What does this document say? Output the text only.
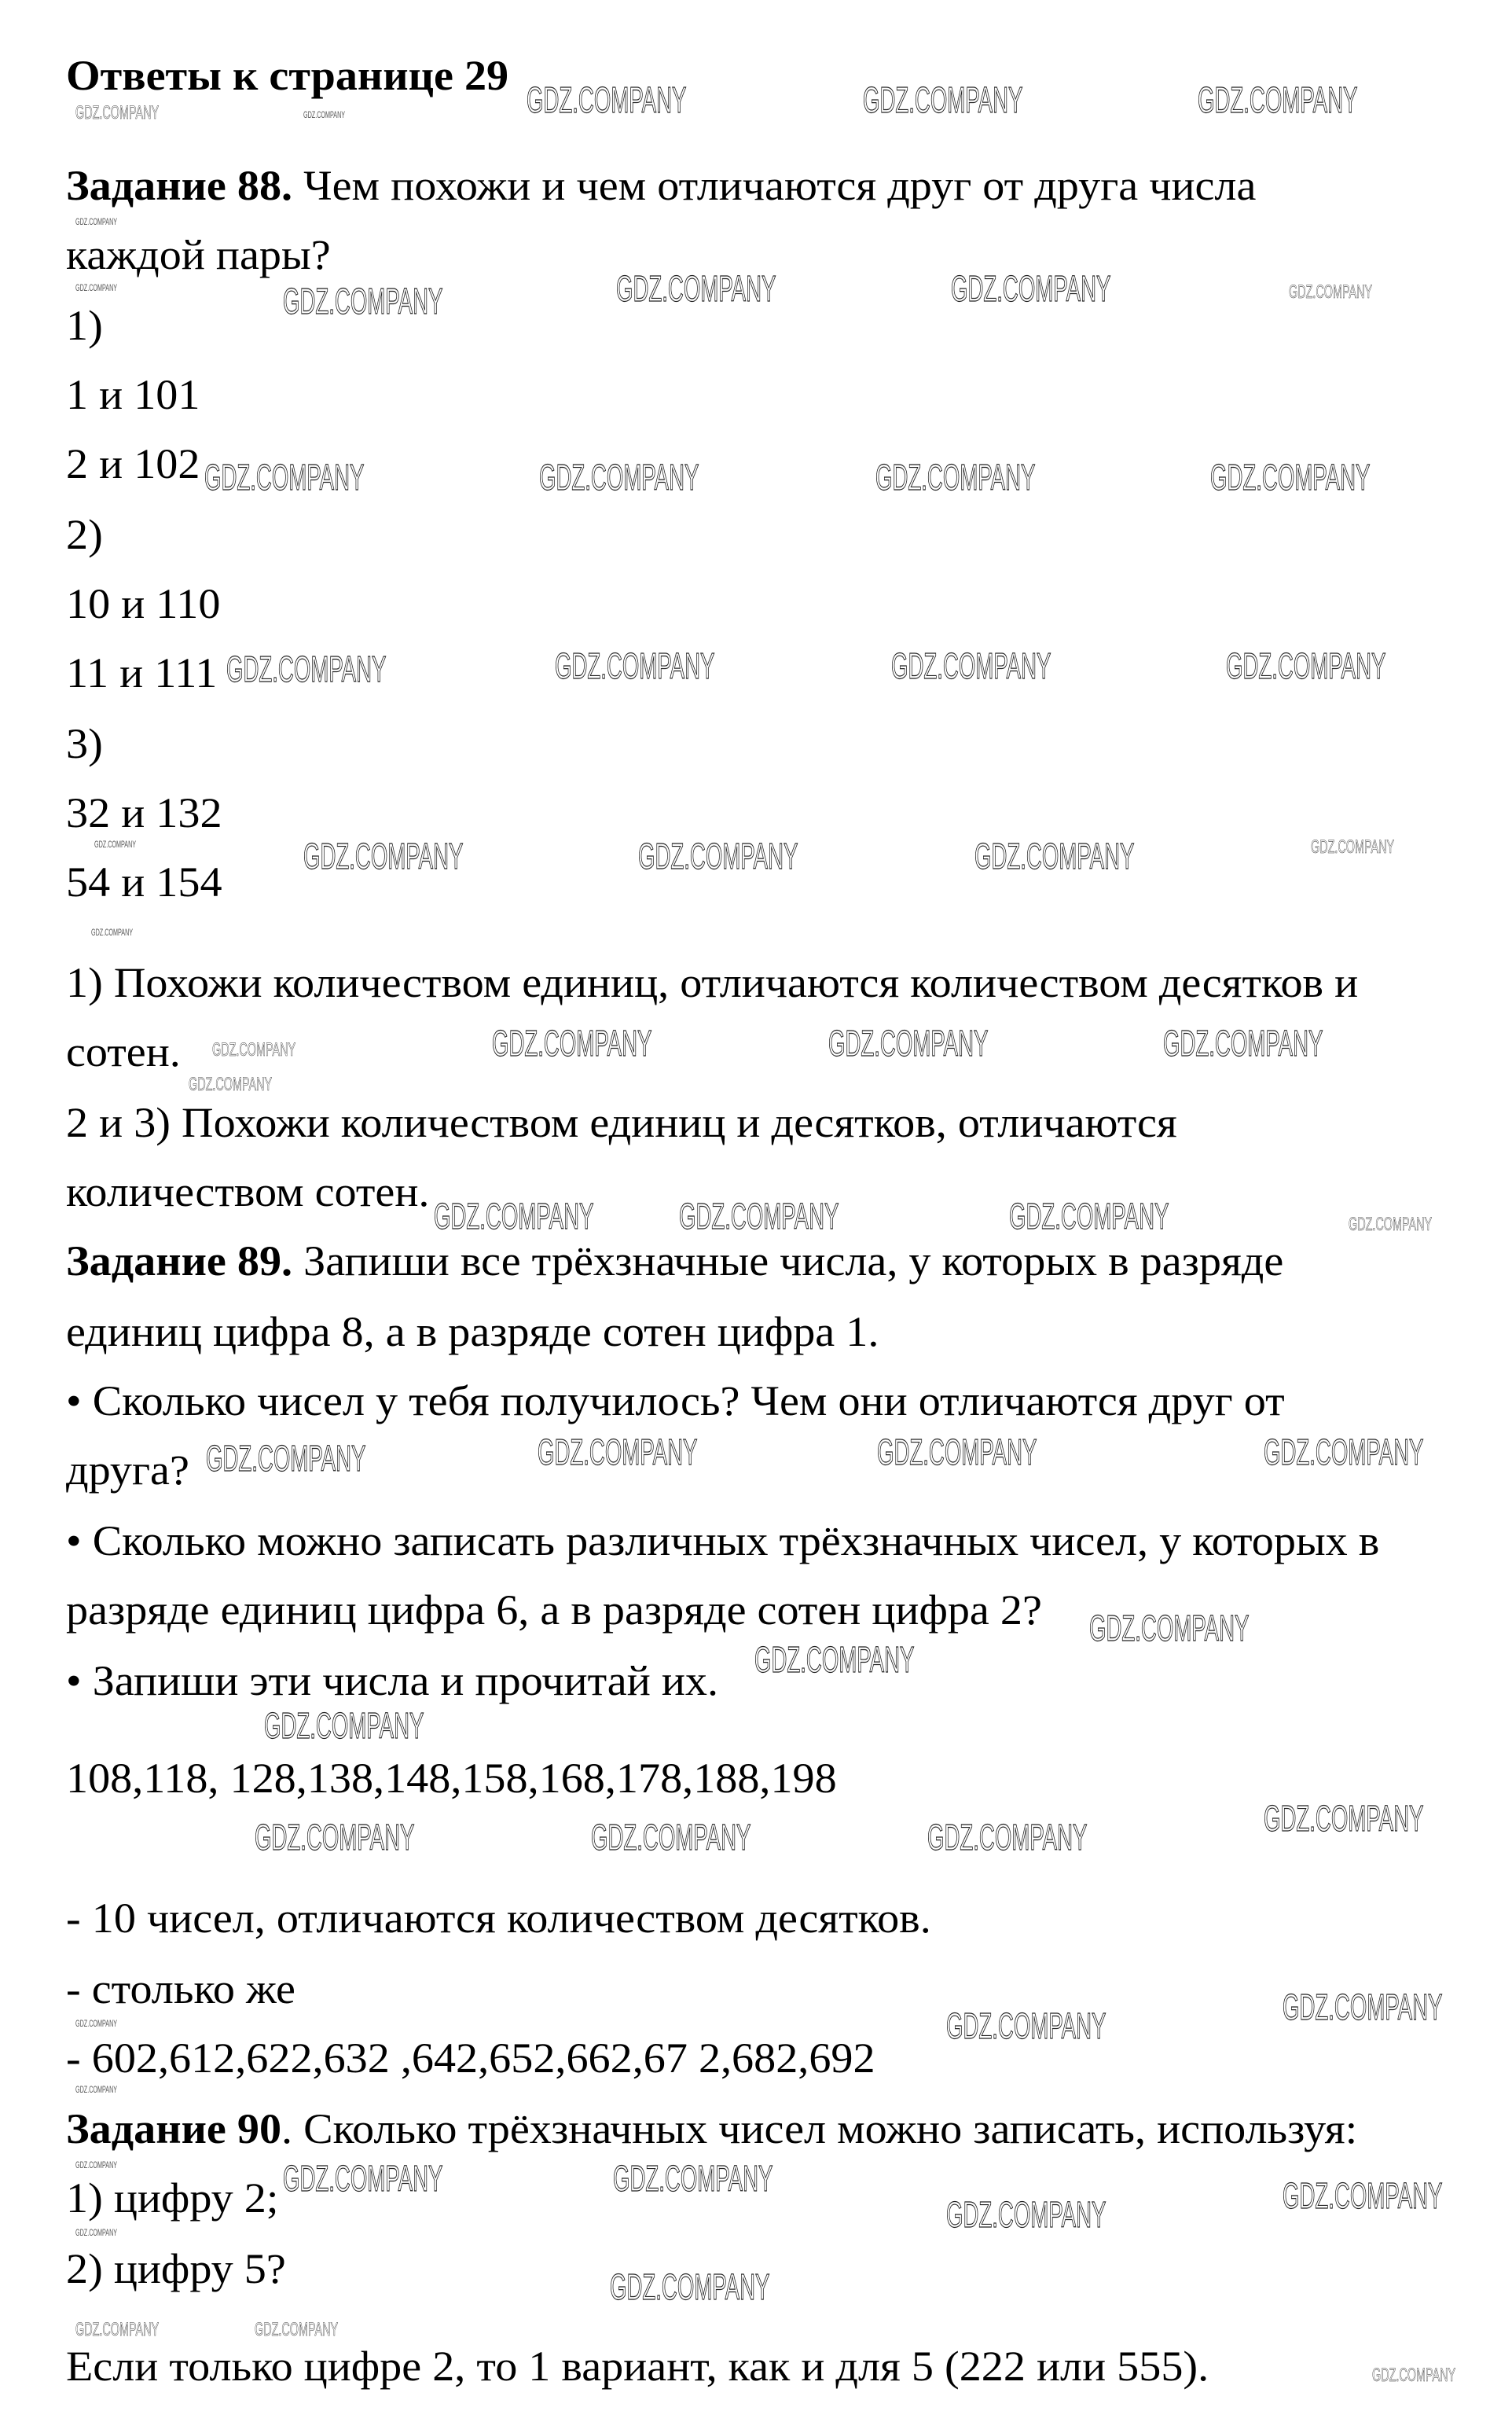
Ответы к странице 29
Задание 88. Чем похожи и чем отличаются друг от друга числа
каждой пары?
1)
1 и 101
2 и 102
2)
10 и 110
11 и 111
3)
32 и 132
54 и 154
1) Похожи количеством единиц, отличаются количеством десятков и
сотен.
2 и 3) Похожи количеством единиц и десятков, отличаются
количеством сотен.
Задание 89. Запиши все трёхзначные числа, у которых в разряде
единиц цифра 8, а в разряде сотен цифра 1.
• Сколько чисел у тебя получилось? Чем они отличаются друг от
друга?
• Сколько можно записать различных трёхзначных чисел, у которых в
разряде единиц цифра 6, а в разряде сотен цифра 2?
• Запиши эти числа и прочитай их.
108,118, 128,138,148,158,168,178,188,198
- 10 чисел, отличаются количеством десятков.
- столько же
- 602,612,622,632 ,642,652,662,67 2,682,692
Задание 90. Сколько трёхзначных чисел можно записать, используя:
1) цифру 2;
2) цифру 5?
Если только цифре 2, то 1 вариант, как и для 5 (222 или 555).
GDZ.COMPANY	GDZ.COMPANY	GDZ.COMPANY	GDZ.COMPANY
GDZ.COMPANY
GDZ.COMPANY	GDZ.COMPANY	GDZ.COMPANY	GDZ.COMPANY
GDZ.COMPANY
GDZ.COMPANY
GDZ.COMPANY	GDZ.COMPANY	GDZ.COMPANY	GDZ.COMPANY
GDZ.COMPANY	GDZ.COMPANY	GDZ.COMPANY	GDZ.COMPANY
GDZ.COMPANY	GDZ.COMPANY	GDZ.COMPANY	GDZ.COMPANY
GDZ.COMPANY
GDZ.COMPANY
GDZ.COMPANY	GDZ.COMPANY	GDZ.COMPANY	GDZ.COMPANY
GDZ.COMPANY
GDZ.COMPANY GDZ.COMPANY	GDZ.COMPANY	GDZ.COMPANY
GDZ.COMPANY	GDZ.COMPANY	GDZ.COMPANY	GDZ.COMPANY
GDZ.COMPANY
GDZ.COMPANY
GDZ.COMPANY
GDZ.COMPANY	GDZ.COMPANY	GDZ.COMPANY	GDZ.COMPANY
GDZ.COMPANY	GDZ.COMPANY	GDZ.COMPANY
GDZ.COMPANY
GDZ.COMPANY
GDZ.COMPANY
GDZ.COMPANY
GDZ.COMPANY	GDZ.COMPANY	GDZ.COMPANY
GDZ.COMPANY
GDZ.COMPANY	GDZ.COMPANY
GDZ.COMPANY
